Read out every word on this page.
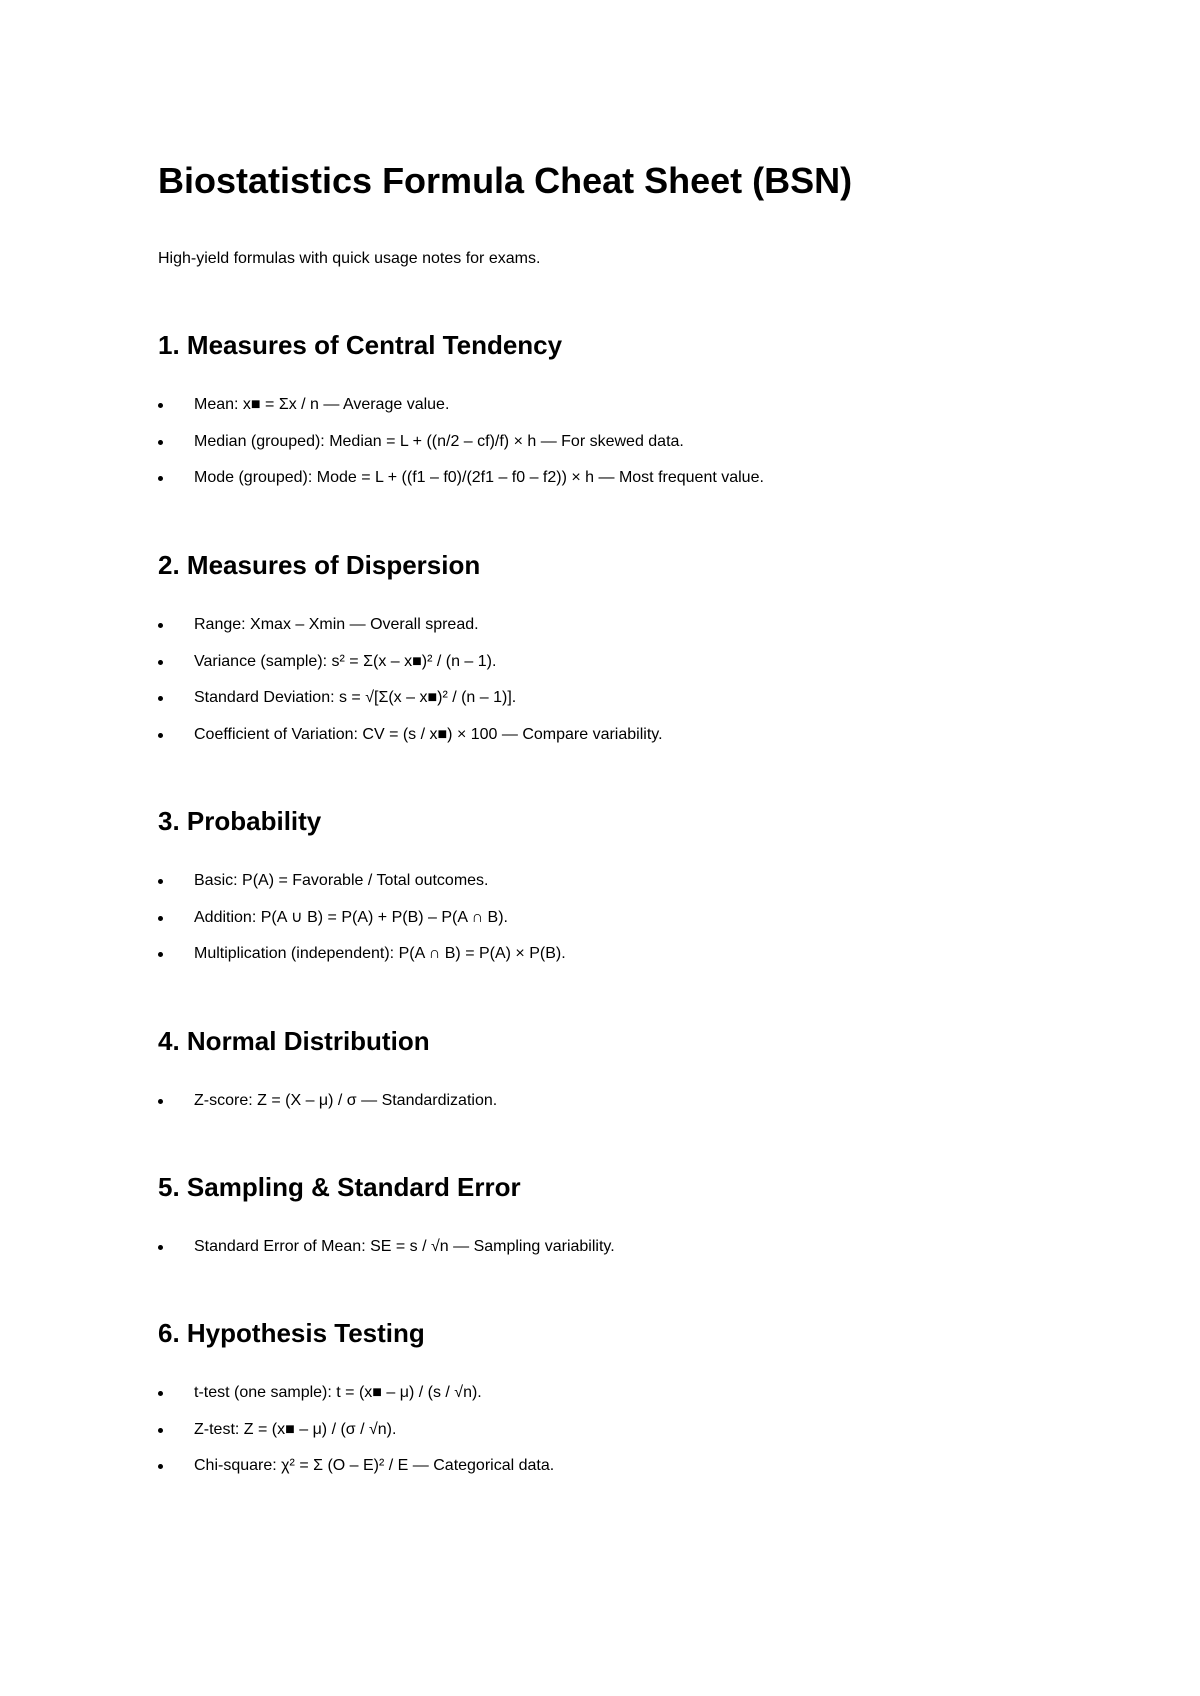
Biostatistics Formula Cheat Sheet (BSN)

High-yield formulas with quick usage notes for exams.

1. Measures of Central Tendency
Mean: x■ = Σx / n — Average value.
Median (grouped): Median = L + ((n/2 – cf)/f) × h — For skewed data.
Mode (grouped): Mode = L + ((f1 – f0)/(2f1 – f0 – f2)) × h — Most frequent value.
2. Measures of Dispersion
Range: Xmax – Xmin — Overall spread.
Variance (sample): s² = Σ(x – x■)² / (n – 1).
Standard Deviation: s = √[Σ(x – x■)² / (n – 1)].
Coefficient of Variation: CV = (s / x■) × 100 — Compare variability.
3. Probability
Basic: P(A) = Favorable / Total outcomes.
Addition: P(A ∪ B) = P(A) + P(B) – P(A ∩ B).
Multiplication (independent): P(A ∩ B) = P(A) × P(B).
4. Normal Distribution
Z-score: Z = (X – μ) / σ — Standardization.
5. Sampling & Standard Error
Standard Error of Mean: SE = s / √n — Sampling variability.
6. Hypothesis Testing
t-test (one sample): t = (x■ – μ) / (s / √n).
Z-test: Z = (x■ – μ) / (σ / √n).
Chi-square: χ² = Σ (O – E)² / E — Categorical data.
